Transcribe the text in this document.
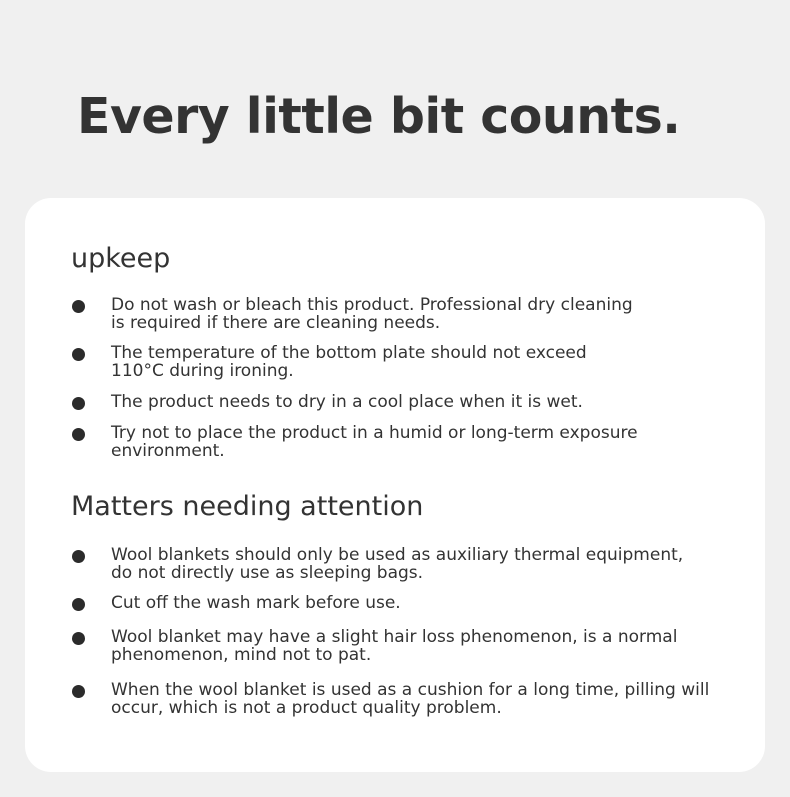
Every little bit counts.
upkeep
Do not wash or bleach this product. Professional dry cleaning
is required if there are cleaning needs.
The temperature of the bottom plate should not exceed
110°C during ironing.
The product needs to dry in a cool place when it is wet.
Try not to place the product in a humid or long-term exposure
environment.
Matters needing attention
Wool blankets should only be used as auxiliary thermal equipment,
do not directly use as sleeping bags.
Cut off the wash mark before use.
Wool blanket may have a slight hair loss phenomenon, is a normal
phenomenon, mind not to pat.
When the wool blanket is used as a cushion for a long time, pilling will
occur, which is not a product quality problem.
